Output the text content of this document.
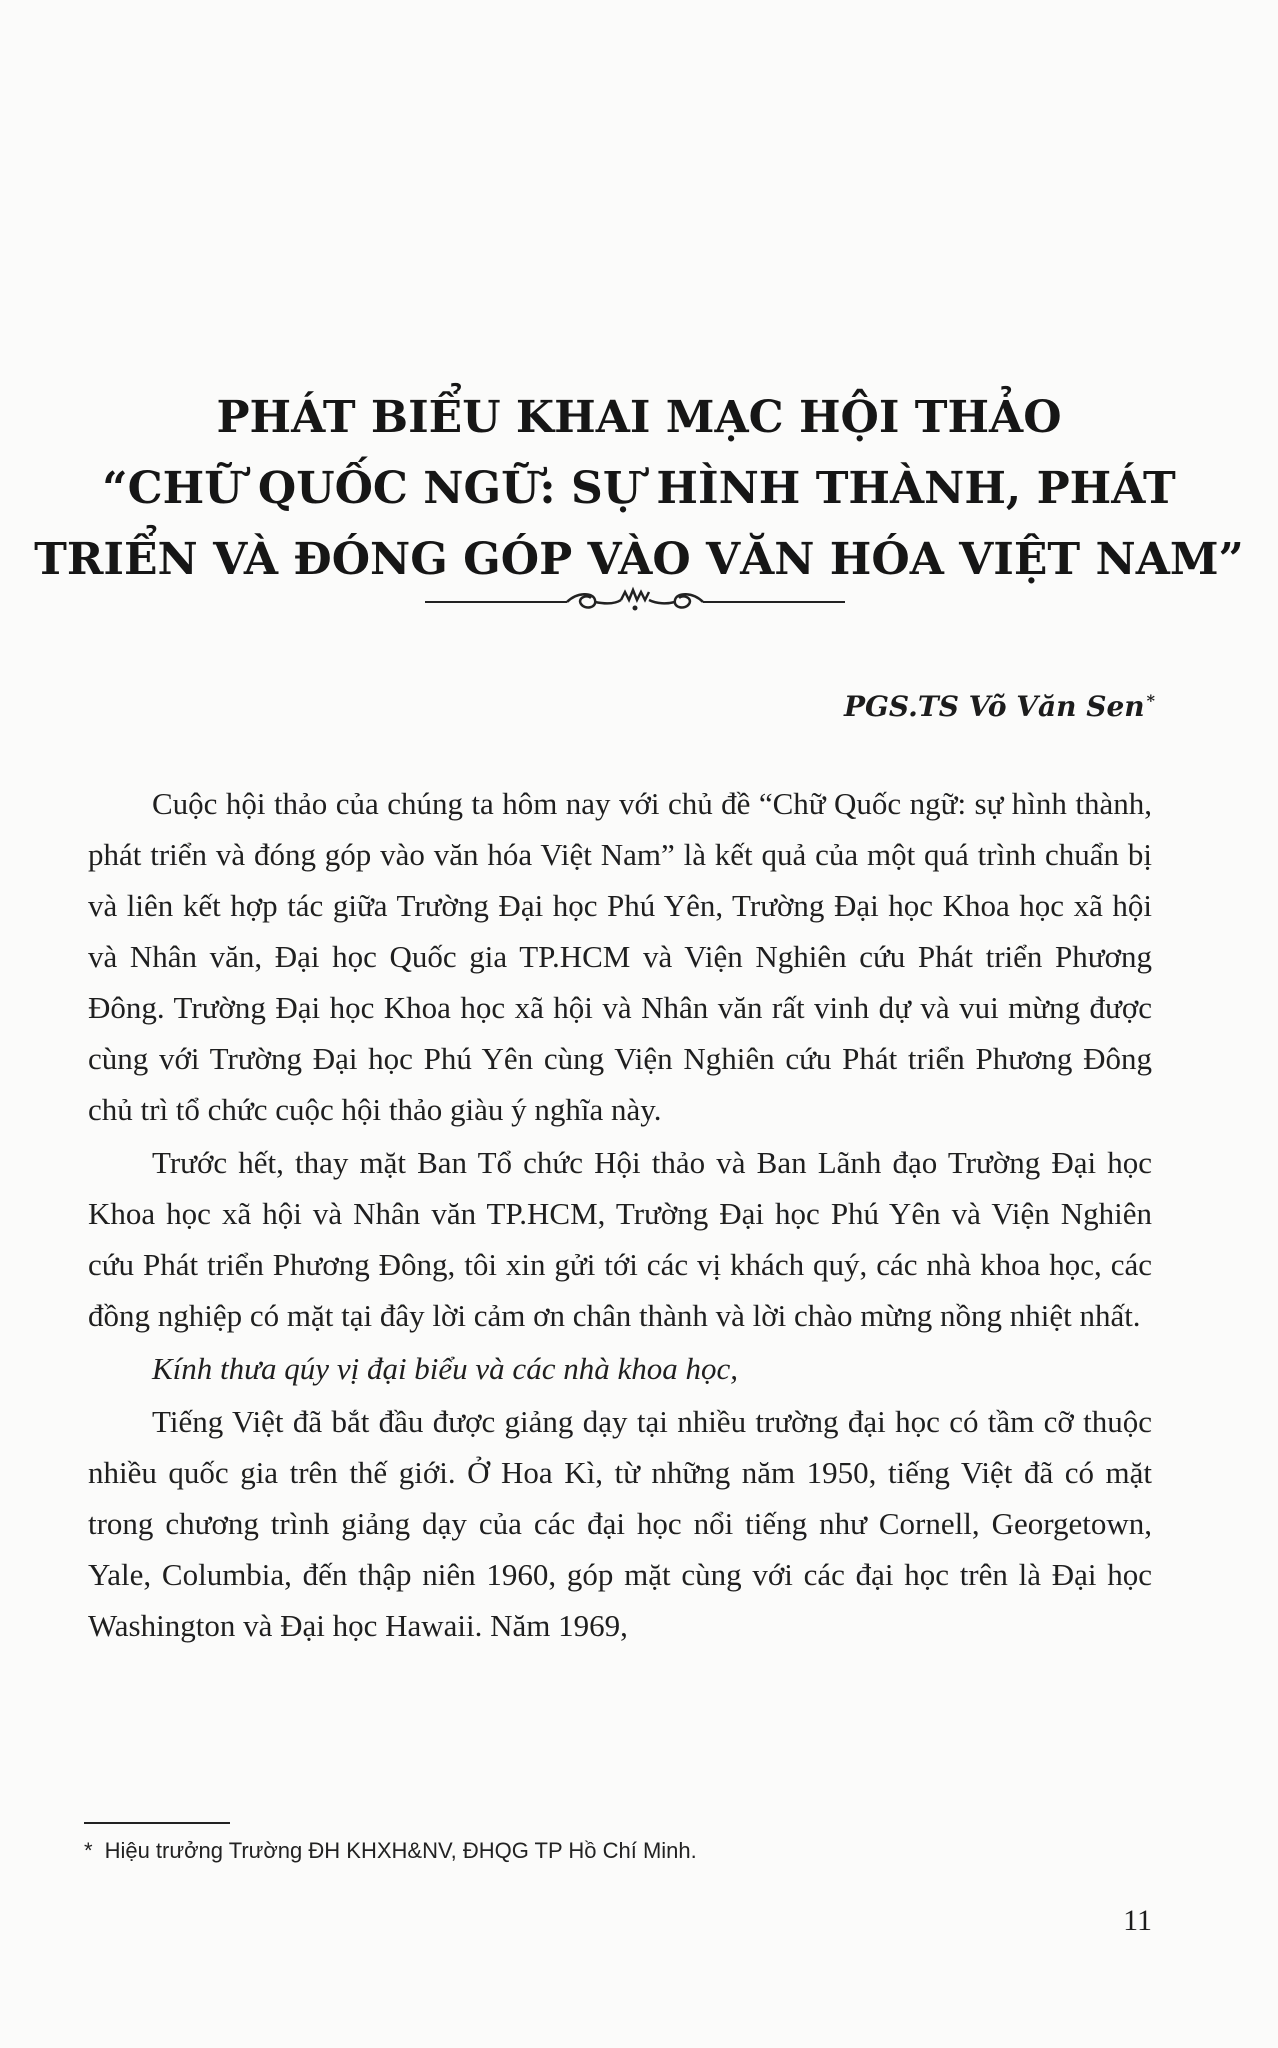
PHÁT BIỂU KHAI MẠC HỘI THẢO
“CHỮ QUỐC NGỮ: SỰ HÌNH THÀNH, PHÁT
TRIỂN VÀ ĐÓNG GÓP VÀO VĂN HÓA VIỆT NAM”
PGS.TS Võ Văn Sen *

Cuộc hội thảo của chúng ta hôm nay với chủ đề “Chữ Quốc ngữ: sự hình thành, phát triển và đóng góp vào văn hóa Việt Nam” là kết quả của một quá trình chuẩn bị và liên kết hợp tác giữa Trường Đại học Phú Yên, Trường Đại học Khoa học xã hội và Nhân văn, Đại học Quốc gia TP.HCM và Viện Nghiên cứu Phát triển Phương Đông. Trường Đại học Khoa học xã hội và Nhân văn rất vinh dự và vui mừng được cùng với Trường Đại học Phú Yên cùng Viện Nghiên cứu Phát triển Phương Đông chủ trì tổ chức cuộc hội thảo giàu ý nghĩa này.

Trước hết, thay mặt Ban Tổ chức Hội thảo và Ban Lãnh đạo Trường Đại học Khoa học xã hội và Nhân văn TP.HCM, Trường Đại học Phú Yên và Viện Nghiên cứu Phát triển Phương Đông, tôi xin gửi tới các vị khách quý, các nhà khoa học, các đồng nghiệp có mặt tại đây lời cảm ơn chân thành và lời chào mừng nồng nhiệt nhất.

Kính thưa qúy vị đại biểu và các nhà khoa học,

Tiếng Việt đã bắt đầu được giảng dạy tại nhiều trường đại học có tầm cỡ thuộc nhiều quốc gia trên thế giới. Ở Hoa Kì, từ những năm 1950, tiếng Việt đã có mặt trong chương trình giảng dạy của các đại học nổi tiếng như Cornell, Georgetown, Yale, Columbia, đến thập niên 1960, góp mặt cùng với các đại học trên là Đại học Washington và Đại học Hawaii. Năm 1969,

* Hiệu trưởng Trường ĐH KHXH&NV, ĐHQG TP Hồ Chí Minh.
11
